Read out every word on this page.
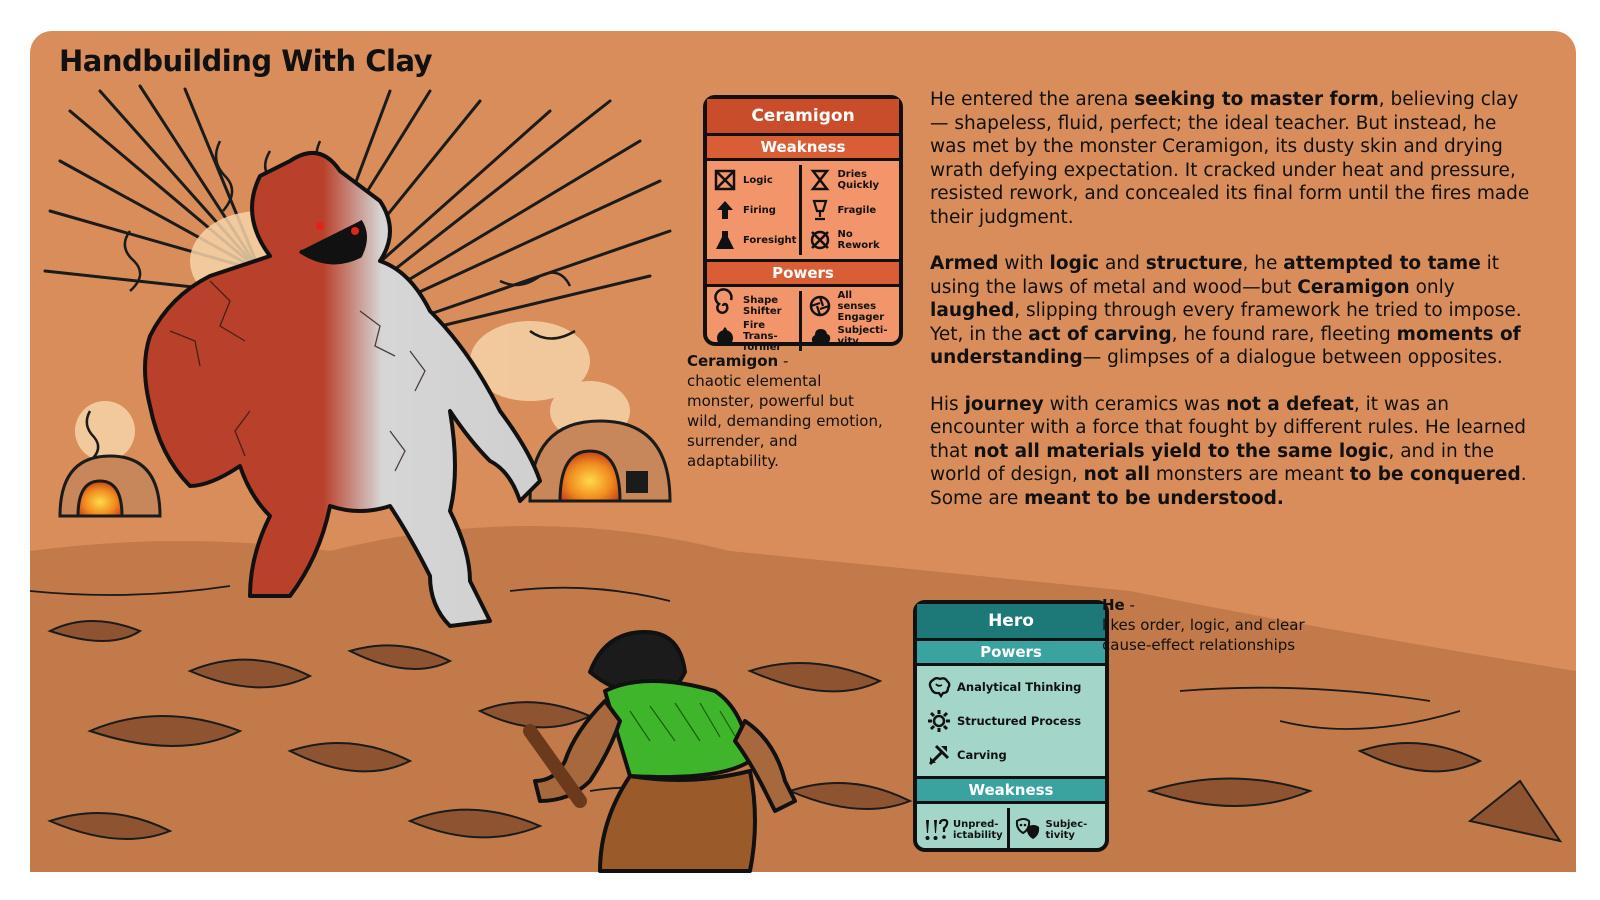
Handbuilding With Clay
Ceramigon
Weakness
Logic
Firing
Foresight
Dries Quickly
Fragile
No Rework
Powers
Shape Shifter
Fire Trans-former
All senses Engager
Subjecti-vity
Ceramigon -
chaotic elemental monster, powerful but wild, demanding emotion, surrender, and adaptability.

He entered the arena seeking to master form, believing clay — shapeless, fluid, perfect; the ideal teacher. But instead, he was met by the monster Ceramigon, its dusty skin and drying wrath defying expectation. It cracked under heat and pressure, resisted rework, and concealed its final form until the fires made their judgment.

Armed with logic and structure, he attempted to tame it using the laws of metal and wood—but Ceramigon only laughed, slipping through every framework he tried to impose. Yet, in the act of carving, he found rare, fleeting moments of understanding— glimpses of a dialogue between opposites.

His journey with ceramics was not a defeat, it was an encounter with a force that fought by different rules. He learned that not all materials yield to the same logic, and in the world of design, not all monsters are meant to be conquered. Some are meant to be understood.

Hero
Powers
Analytical Thinking
Structured Process
Carving
Weakness
Unpred-ictability
Subjec-tivity
He -
likes order, logic, and clear cause-effect relationships
